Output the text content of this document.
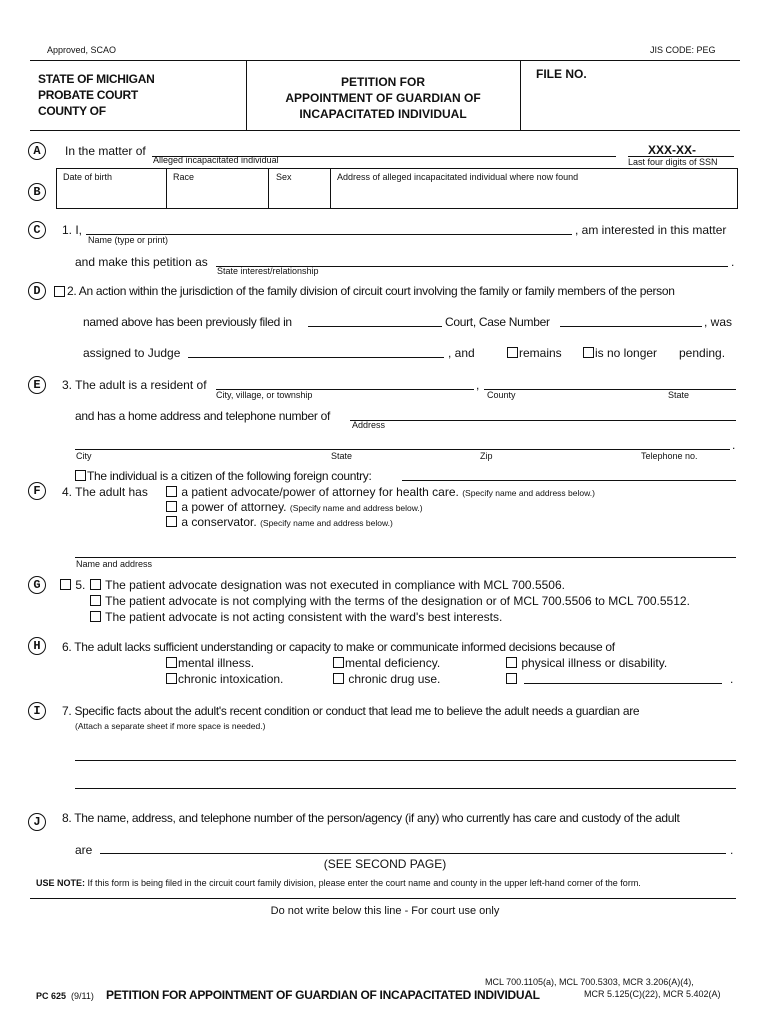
Approved, SCAO	JIS CODE: PEG
STATE OF MICHIGAN
PROBATE COURT
COUNTY OF
PETITION FOR
APPOINTMENT OF GUARDIAN OF
INCAPACITATED INDIVIDUAL
FILE NO.
A	In the matter of
Alleged incapacitated individual
XXX-XX-
Last four digits of SSN
B
Date of birth	Race	Sex	Address of alleged incapacitated individual where now found
C	1. I,	, am interested in this matter
Name (type or print)
and make this petition as	.
State interest/relationship
D	2. An action within the jurisdiction of the family division of circuit court involving the family or family members of the person
named above has been previously filed in	Court, Case Number	, was
assigned to Judge	, and	remains	is no longer pending.
E	3. The adult is a resident of	,
City, village, or township	County	State
and has a home address and telephone number of
Address
.
City	State	Zip	Telephone no.
The individual is a citizen of the following foreign country:
F	4. The adult has	a patient advocate/power of attorney for health care. (Specify name and address below.)
a power of attorney. (Specify name and address below.)
a conservator. (Specify name and address below.)
Name and address
G	5.	The patient advocate designation was not executed in compliance with MCL 700.5506.
The patient advocate is not complying with the terms of the designation or of MCL 700.5506 to MCL 700.5512.
The patient advocate is not acting consistent with the ward's best interests.
H	6. The adult lacks sufficient understanding or capacity to make or communicate informed decisions because of
mental illness.	mental deficiency.	physical illness or disability.
chronic intoxication.	chronic drug use.	.
I	7. Specific facts about the adult's recent condition or conduct that lead me to believe the adult needs a guardian are
(Attach a separate sheet if more space is needed.)
J	8. The name, address, and telephone number of the person/agency (if any) who currently has care and custody of the adult
are	.
(SEE SECOND PAGE)
USE NOTE: If this form is being filed in the circuit court family division, please enter the court name and county in the upper left-hand corner of the form.
Do not write below this line - For court use only
MCL 700.1105(a), MCL 700.5303, MCR 3.206(A)(4),
PC 625 (9/11) PETITION FOR APPOINTMENT OF GUARDIAN OF INCAPACITATED INDIVIDUAL	MCR 5.125(C)(22), MCR 5.402(A)
